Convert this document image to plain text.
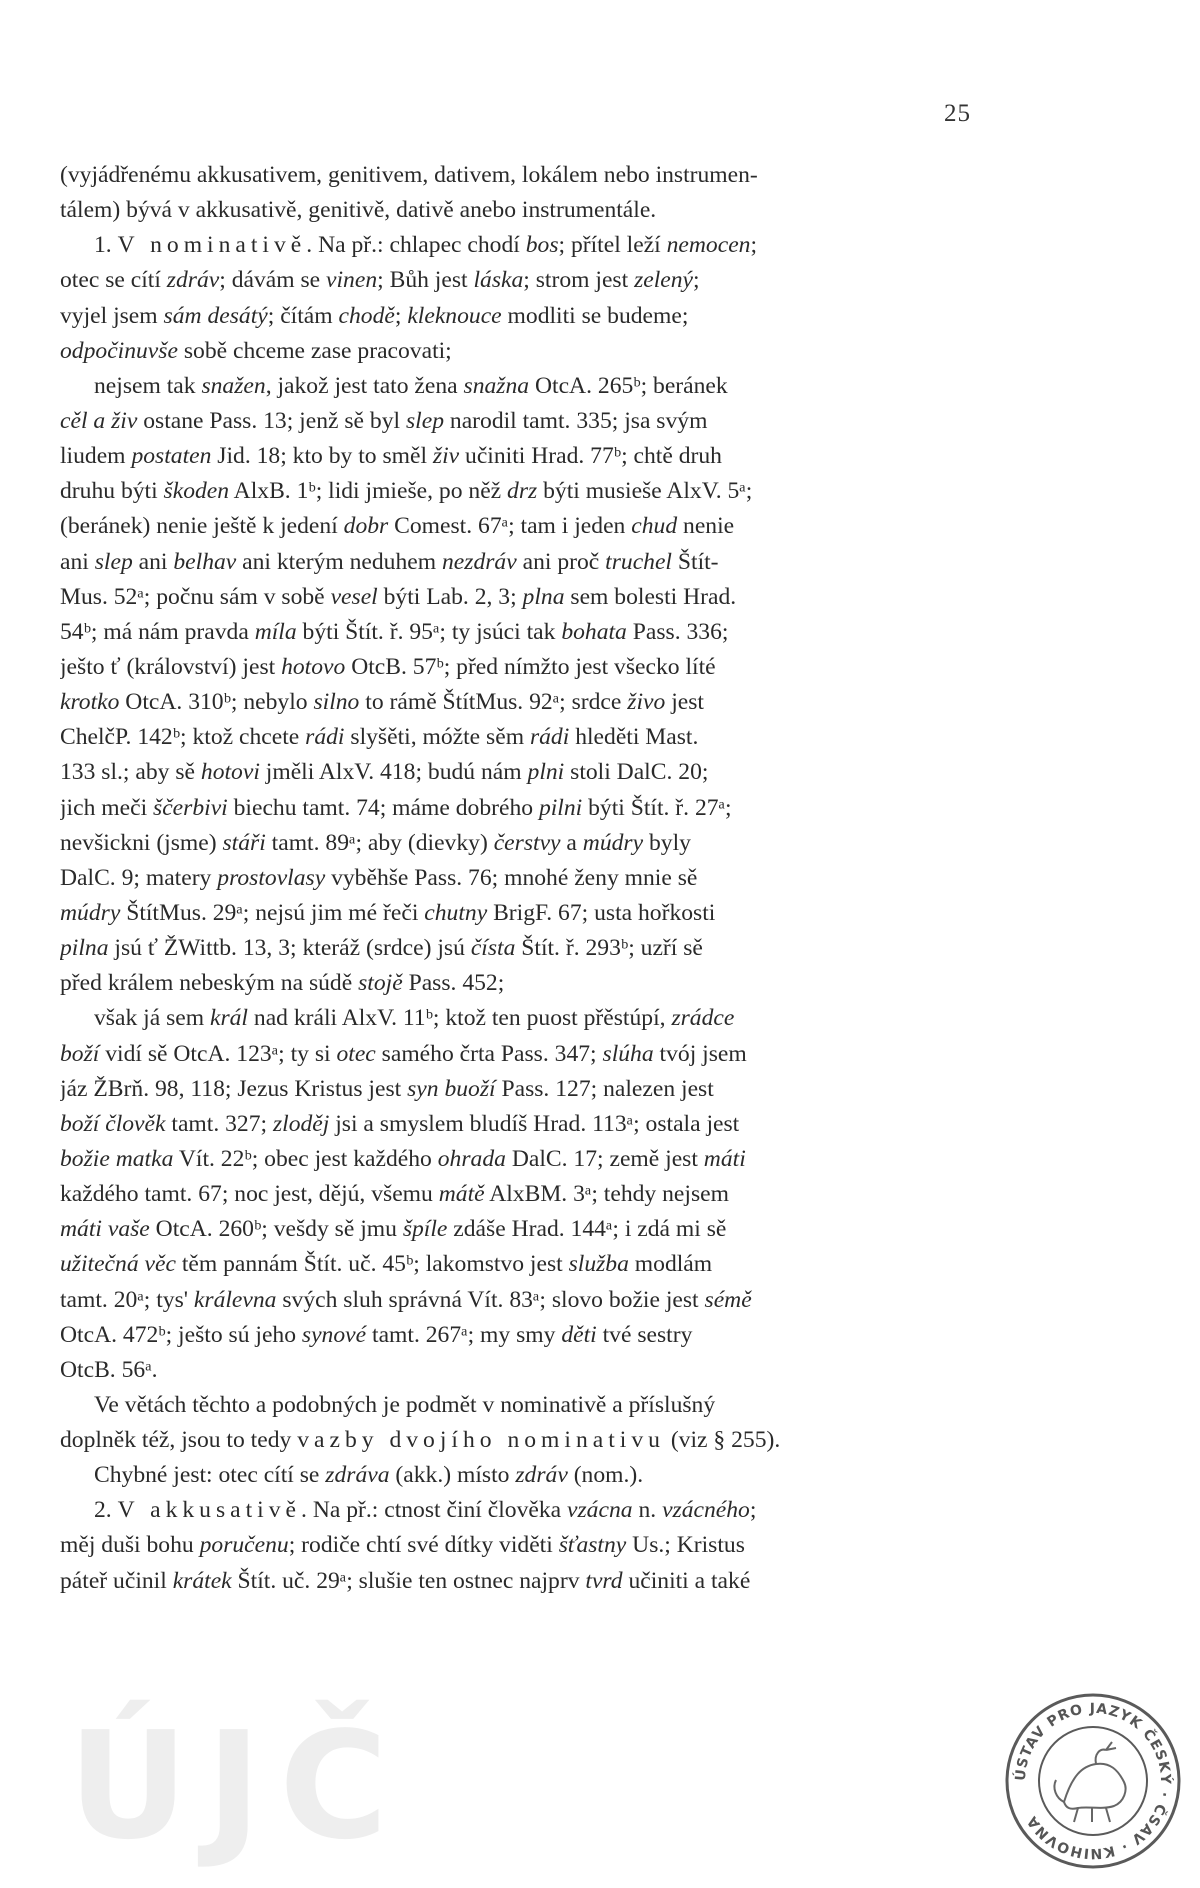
25
(vyjádřenému akkusativem, genitivem, dativem, lokálem nebo instrumen-
tálem) bývá v akkusativě, genitivě, dativě anebo instrumentále.
1. V nominativě. Na př.: chlapec chodí bos; přítel leží nemocen;
otec se cítí zdráv; dávám se vinen; Bůh jest láska; strom jest zelený;
vyjel jsem sám desátý; čítám chodě; kleknouce modliti se budeme;
odpočinuvše sobě chceme zase pracovati;
nejsem tak snažen, jakož jest tato žena snažna OtcA. 265ᵇ; beránek
cěl a živ ostane Pass. 13; jenž sě byl slep narodil tamt. 335; jsa svým
liudem postaten Jid. 18; kto by to směl živ učiniti Hrad. 77ᵇ; chtě druh
druhu býti škoden AlxB. 1ᵇ; lidi jmieše, po něž drz býti musieše AlxV. 5ᵃ;
(beránek) nenie ještě k jedení dobr Comest. 67ᵃ; tam i jeden chud nenie
ani slep ani belhav ani kterým neduhem nezdráv ani proč truchel Štít-
Mus. 52ᵃ; počnu sám v sobě vesel býti Lab. 2, 3; plna sem bolesti Hrad.
54ᵇ; má nám pravda míla býti Štít. ř. 95ᵃ; ty jsúci tak bohata Pass. 336;
ješto ť (království) jest hotovo OtcB. 57ᵇ; před nímžto jest všecko líté
krotko OtcA. 310ᵇ; nebylo silno to rámě ŠtítMus. 92ᵃ; srdce živo jest
ChelčP. 142ᵇ; ktož chcete rádi slyšěti, móžte sěm rádi hleděti Mast.
133 sl.; aby sě hotovi jměli AlxV. 418; budú nám plni stoli DalC. 20;
jich meči ščerbivi biechu tamt. 74; máme dobrého pilni býti Štít. ř. 27ᵃ;
nevšickni (jsme) stáři tamt. 89ᵃ; aby (dievky) čerstvy a múdry byly
DalC. 9; matery prostovlasy vyběhše Pass. 76; mnohé ženy mnie sě
múdry ŠtítMus. 29ᵃ; nejsú jim mé řeči chutny BrigF. 67; usta hořkosti
pilna jsú ť ŽWittb. 13, 3; kteráž (srdce) jsú čísta Štít. ř. 293ᵇ; uzří sě
před králem nebeským na súdě stojě Pass. 452;
však já sem král nad králi AlxV. 11ᵇ; ktož ten puost přěstúpí, zrádce
boží vidí sě OtcA. 123ᵃ; ty si otec samého črta Pass. 347; slúha tvój jsem
jáz ŽBrň. 98, 118; Jezus Kristus jest syn buoží Pass. 127; nalezen jest
boží člověk tamt. 327; zloděj jsi a smyslem bludíš Hrad. 113ᵃ; ostala jest
božie matka Vít. 22ᵇ; obec jest každého ohrada DalC. 17; země jest máti
každého tamt. 67; noc jest, dějú, všemu mátě AlxBM. 3ᵃ; tehdy nejsem
máti vaše OtcA. 260ᵇ; vešdy sě jmu špíle zdáše Hrad. 144ᵃ; i zdá mi sě
užitečná věc těm pannám Štít. uč. 45ᵇ; lakomstvo jest služba modlám
tamt. 20ᵃ; tys' králevna svých sluh správná Vít. 83ᵃ; slovo božie jest sémě
OtcA. 472ᵇ; ješto sú jeho synové tamt. 267ᵃ; my smy děti tvé sestry
OtcB. 56ᵃ.
Ve větách těchto a podobných je podmět v nominativě a příslušný
doplněk též, jsou to tedy vazby dvojího nominativu (viz § 255).
Chybné jest: otec cítí se zdráva (akk.) místo zdráv (nom.).
2. V akkusativě. Na př.: ctnost činí člověka vzácna n. vzácného;
měj duši bohu poručenu; rodiče chtí své dítky viděti šťastny Us.; Kristus
páteř učinil krátek Štít. uč. 29ᵃ; slušie ten ostnec najprv tvrd učiniti a také
ÚJČ	ÚSTAV PRO JAZYK ČESKÝ · ČSAV · KNIHOVNA
